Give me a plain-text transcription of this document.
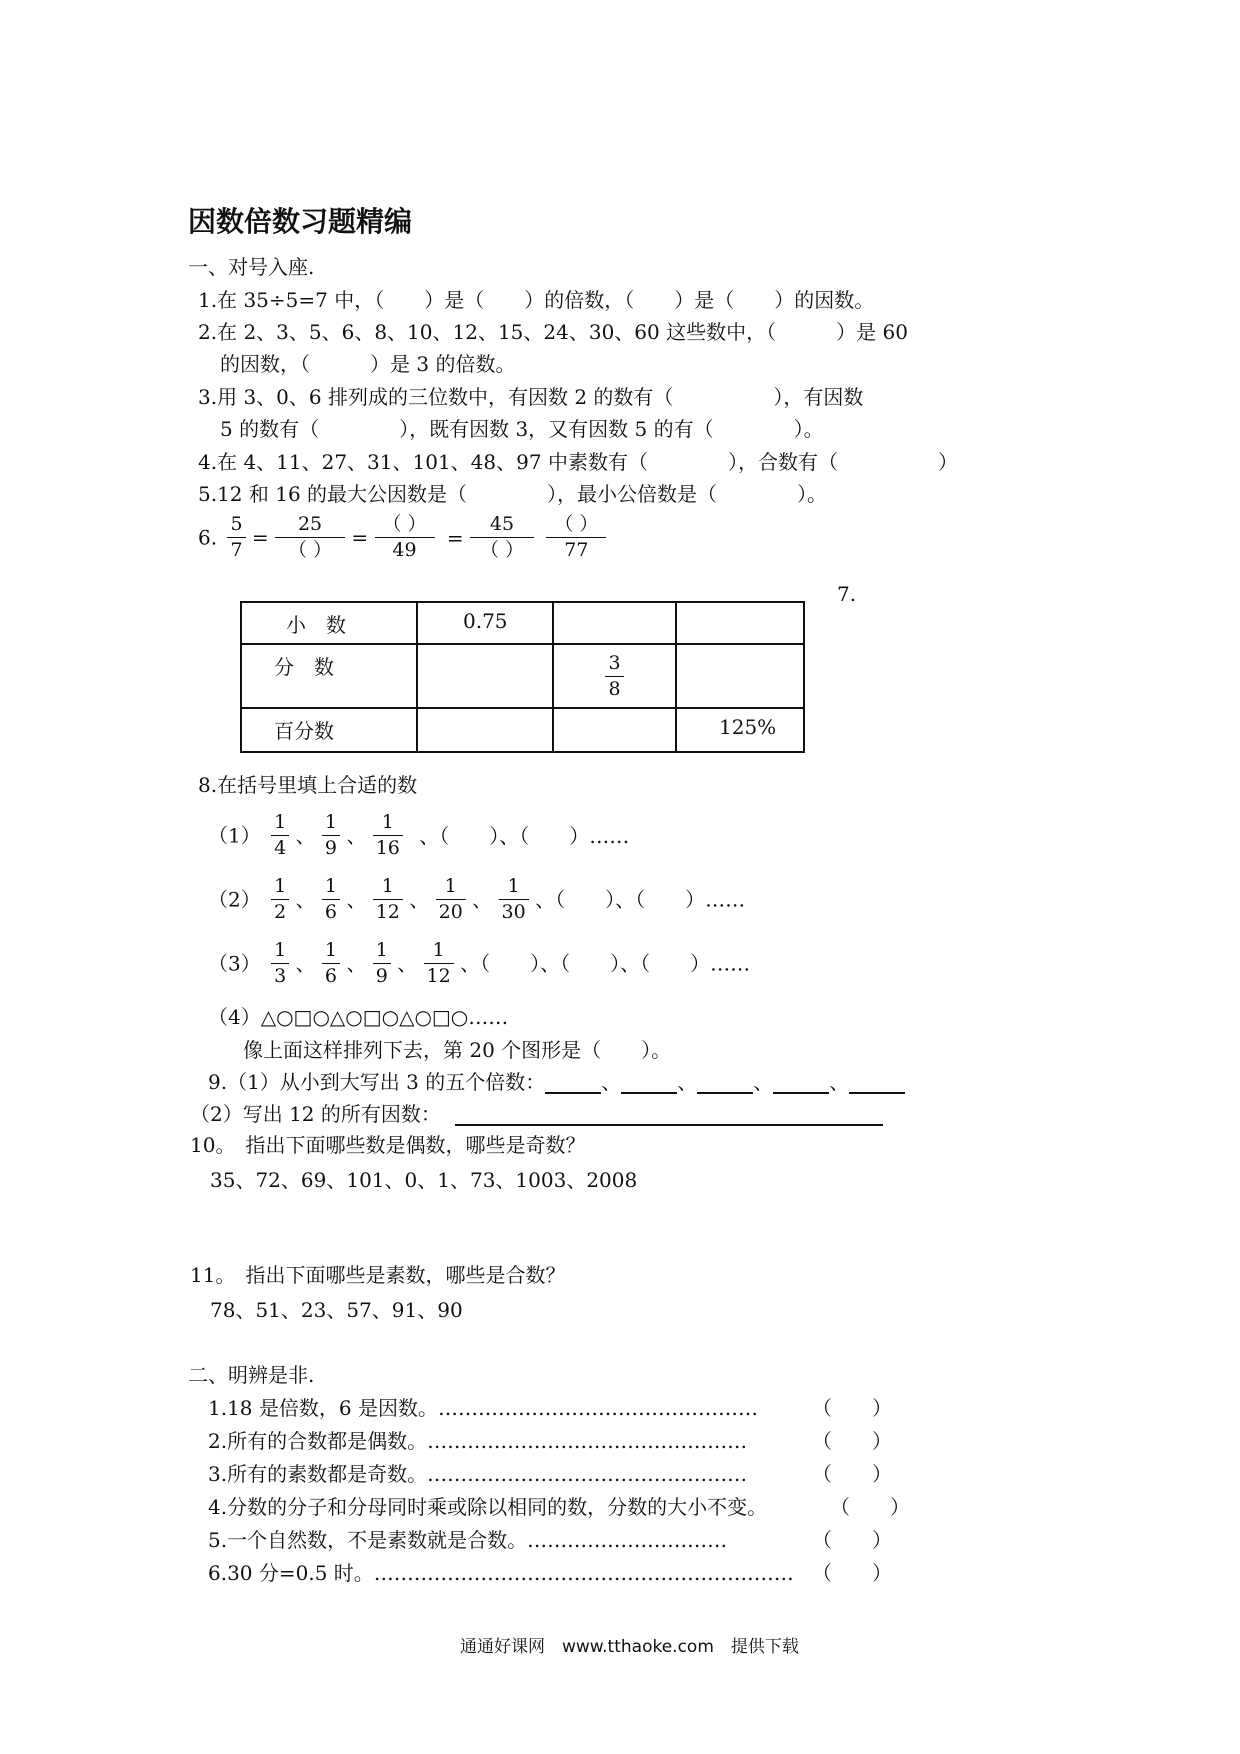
因数倍数习题精编
一、对号入座.
1.在 35÷5=7 中，（　　）是（　　）的倍数，（　　）是（　　）的因数。
2.在 2、3、5、6、8、10、12、15、24、30、60 这些数中，（　　　）是 60
的因数，（　　　）是 3 的倍数。
3.用 3、0、6 排列成的三位数中，有因数 2 的数有（　　　　　），有因数
5 的数有（　　　　），既有因数 3，又有因数 5 的有（　　　　）。
4.在 4、11、27、31、101、48、97 中素数有（　　　　），合数有（　　　　　）
5.12 和 16 的最大公因数是（　　　　），最小公倍数是（　　　　）。
6. $\frac{5}{7} = \frac{25}{( )} = \frac{( )}{49} = \frac{45}{( )}$
$\frac{( )}{77}$
7.
小　数	0.75		

分　数		$\frac{3}{8}$

百分数			125%
8.在括号里填上合适的数
$(1) \frac{1}{4}$ 、 $\frac{1}{9}$ 、 $\frac{1}{16}$ 、（　　）、（　　）……
$(2) \frac{1}{2}$ 、 $\frac{1}{6}$ 、 $\frac{1}{12}$ 、 $\frac{1}{20}$ 、 $\frac{1}{30}$ 、（　　）、（　　）……
$(3) \frac{1}{3}$ 、 $\frac{1}{6}$ 、 $\frac{1}{9}$ 、 $\frac{1}{12}$ 、（　　）、（　　）、（　　）……
（4）△○□○△○□○△○□○……
像上面这样排列下去，第 20 个图形是（　　）。
9.（1）从小到大写出 3 的五个倍数：	、	、	、	、
（2）写出 12 的所有因数：
10。　指出下面哪些数是偶数，哪些是奇数？
35、72、69、101、0、1、73、1003、2008
11。　指出下面哪些是素数，哪些是合数？
78、51、23、57、91、90
二、明辨是非.
1.18 是倍数，6 是因数。…………………………………………	（　　）
2.所有的合数都是偶数。…………………………………………	（　　）
3.所有的素数都是奇数。…………………………………………	（　　）
4.分数的分子和分母同时乘或除以相同的数，分数的大小不变。	（　　）
5.一个自然数，不是素数就是合数。…………………………	（　　）
6.30 分=0.5 时。……………………………………………………… （　　）
通通好课网　www.tthaoke.com　提供下载
